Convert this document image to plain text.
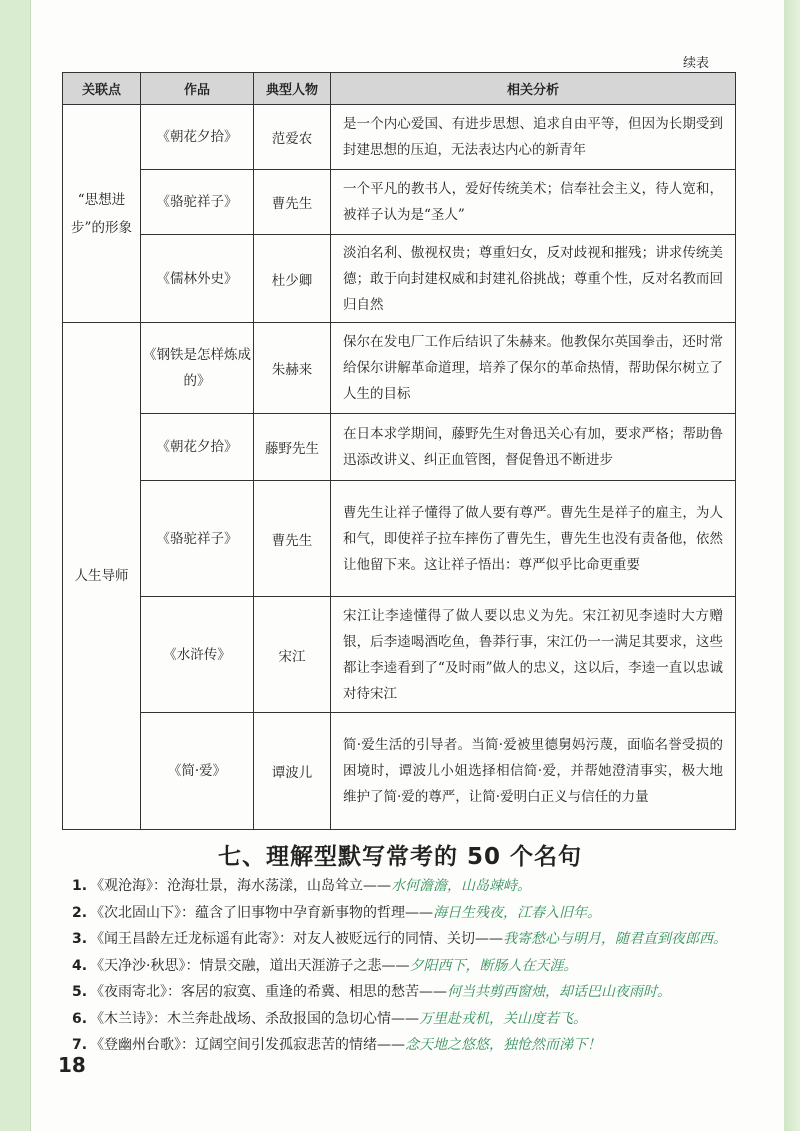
续表
关联点	作品	典型人物	相关分析
“思想进步”的形象	《朝花夕拾》	范爱农	是一个内心爱国、有进步思想、追求自由平等，但因为长期受到封建思想的压迫，无法表达内心的新青年
	《骆驼祥子》	曹先生	一个平凡的教书人，爱好传统美术；信奉社会主义，待人宽和，被祥子认为是“圣人”
	《儒林外史》	杜少卿	淡泊名利、傲视权贵；尊重妇女，反对歧视和摧残；讲求传统美德；敢于向封建权威和封建礼俗挑战；尊重个性，反对名教而回归自然
人生导师	《钢铁是怎样炼成的》	朱赫来	保尔在发电厂工作后结识了朱赫来。他教保尔英国拳击，还时常给保尔讲解革命道理，培养了保尔的革命热情，帮助保尔树立了人生的目标
	《朝花夕拾》	藤野先生	在日本求学期间，藤野先生对鲁迅关心有加，要求严格；帮助鲁迅添改讲义、纠正血管图，督促鲁迅不断进步
	《骆驼祥子》	曹先生	曹先生让祥子懂得了做人要有尊严。曹先生是祥子的雇主，为人和气，即使祥子拉车摔伤了曹先生，曹先生也没有责备他，依然让他留下来。这让祥子悟出：尊严似乎比命更重要
	《水浒传》	宋江	宋江让李逵懂得了做人要以忠义为先。宋江初见李逵时大方赠银，后李逵喝酒吃鱼，鲁莽行事，宋江仍一一满足其要求，这些都让李逵看到了“及时雨”做人的忠义，这以后，李逵一直以忠诚对待宋江
	《简·爱》	谭波儿	简·爱生活的引导者。当简·爱被里德舅妈污蔑，面临名誉受损的困境时，谭波儿小姐选择相信简·爱，并帮她澄清事实，极大地维护了简·爱的尊严，让简·爱明白正义与信任的力量
七、理解型默写常考的 50 个名句
1. 《观沧海》：沧海壮景，海水荡漾，山岛耸立——水何澹澹，山岛竦峙。
2. 《次北固山下》：蕴含了旧事物中孕育新事物的哲理——海日生残夜，江春入旧年。
3. 《闻王昌龄左迁龙标遥有此寄》：对友人被贬远行的同情、关切——我寄愁心与明月，随君直到夜郎西。
4. 《天净沙·秋思》：情景交融，道出天涯游子之悲——夕阳西下，断肠人在天涯。
5. 《夜雨寄北》：客居的寂寞、重逢的希冀、相思的愁苦——何当共剪西窗烛，却话巴山夜雨时。
6. 《木兰诗》：木兰奔赴战场、杀敌报国的急切心情——万里赴戎机，关山度若飞。
7. 《登幽州台歌》：辽阔空间引发孤寂悲苦的情绪——念天地之悠悠，独怆然而涕下！
18
